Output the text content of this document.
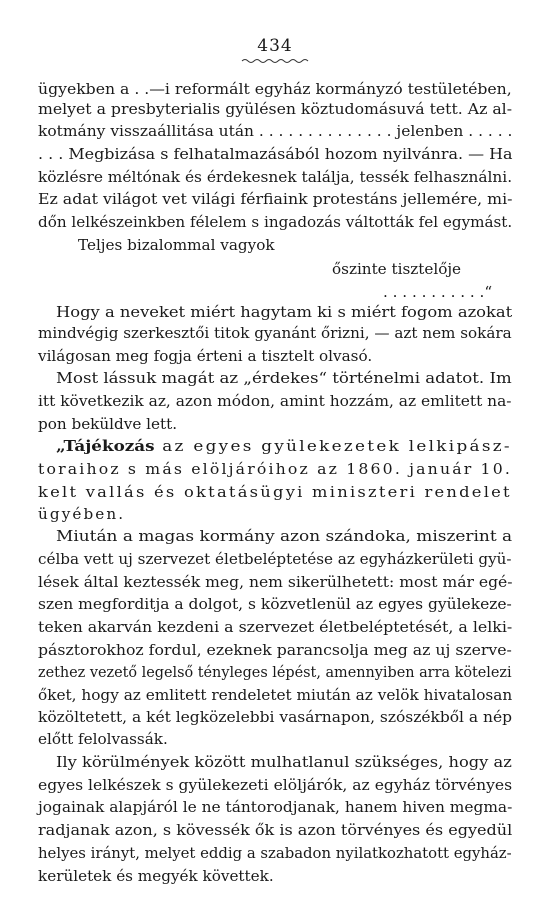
434
ügyekben a . .—i reformált egyház kormányzó testületében,
melyet a presbyterialis gyülésen köztudomásuvá tett. Az al-
kotmány visszaállitása után . . . . . . . . . . . . . . jelenben . . . . .
. . . Megbizása s felhatalmazásából hozom nyilvánra. — Ha
közlésre méltónak és érdekesnek találja, tessék felhasználni.
Ez adat világot vet világi férfiaink protestáns jellemére, mi-
dőn lelkészeinkben félelem s ingadozás váltották fel egymást.
Teljes bizalommal vagyok
őszinte tisztelője
. . . . . . . . . . .“
Hogy a neveket miért hagytam ki s miért fogom azokat
mindvégig szerkesztői titok gyanánt őrizni, — azt nem sokára
világosan meg fogja érteni a tisztelt olvasó.
Most lássuk magát az „érdekes“ történelmi adatot. Im
itt következik az, azon módon, amint hozzám, az emlitett na-
pon beküldve lett.
„Tájékozás az egyes gyülekezetek lelkipász-
toraihoz s más elöljáróihoz az 1860. január 10.
kelt vallás és oktatásügyi miniszteri rendelet
ügyében.
Miután a magas kormány azon szándoka, miszerint a
célba vett uj szervezet életbeléptetése az egyházkerületi gyü-
lések által keztessék meg, nem sikerülhetett: most már egé-
szen megforditja a dolgot, s közvetlenül az egyes gyülekeze-
teken akarván kezdeni a szervezet életbeléptetését, a lelki-
pásztorokhoz fordul, ezeknek parancsolja meg az uj szerve-
zethez vezető legelső tényleges lépést, amennyiben arra kötelezi
őket, hogy az emlitett rendeletet miután az velök hivatalosan
közöltetett, a két legközelebbi vasárnapon, szószékből a nép
előtt felolvassák.
Ily körülmények között mulhatlanul szükséges, hogy az
egyes lelkészek s gyülekezeti elöljárók, az egyház törvényes
jogainak alapjáról le ne tántorodjanak, hanem hiven megma-
radjanak azon, s kövessék ők is azon törvényes és egyedül
helyes irányt, melyet eddig a szabadon nyilatkozhatott egyház-
kerületek és megyék követtek.
